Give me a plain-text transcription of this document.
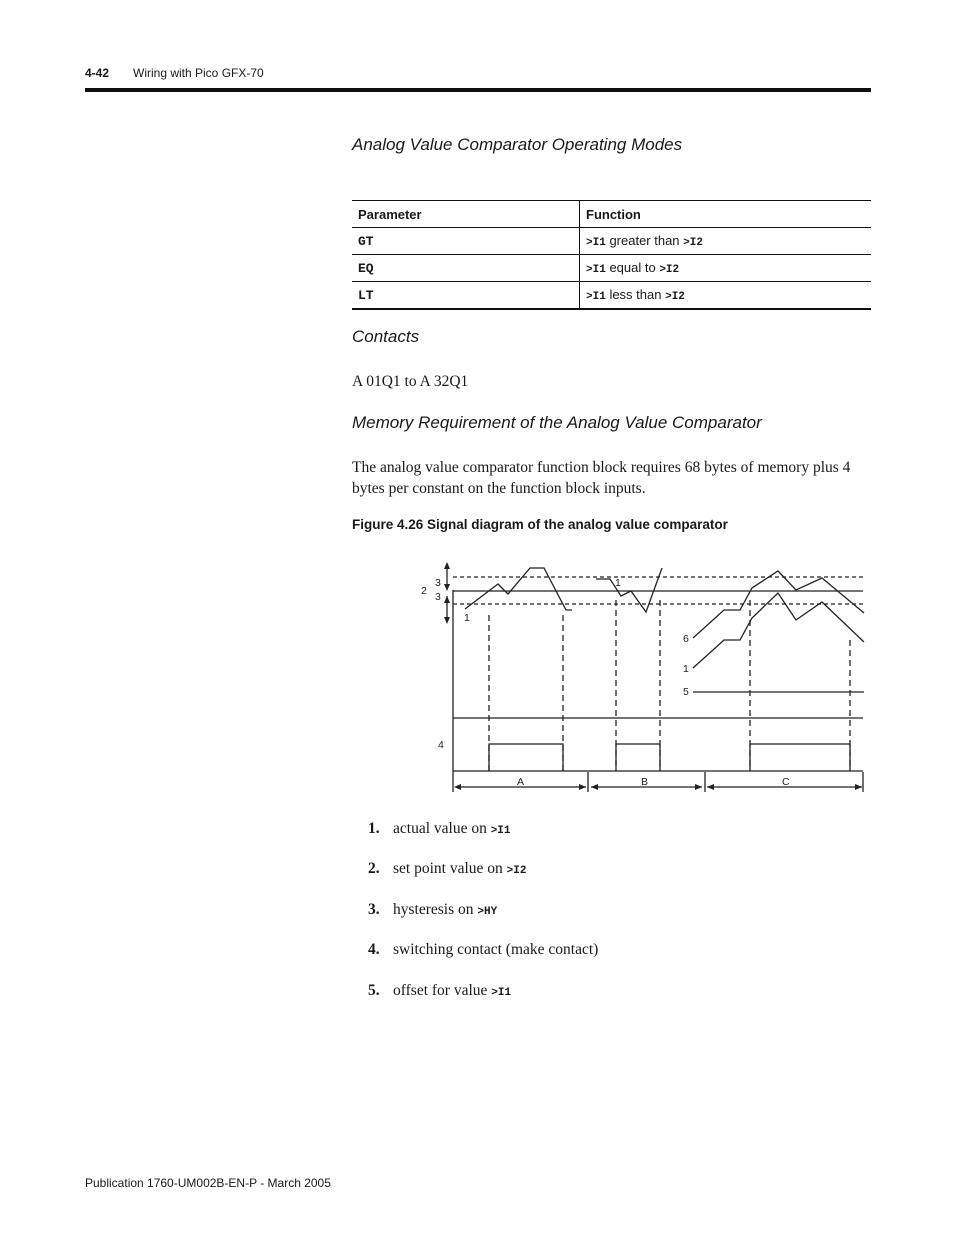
4-42 Wiring with Pico GFX-70
Analog Value Comparator Operating Modes
Parameter	Function
GT	>I1 greater than >I2
EQ	>I1 equal to >I2
LT	>I1 less than >I2
Contacts
A 01Q1 to A 32Q1
Memory Requirement of the Analog Value Comparator
The analog value comparator function block requires 68 bytes of memory plus 4 bytes per constant on the function block inputs.
Figure 4.26 Signal diagram of the analog value comparator
3
3
2
1
1
6
1
5
4
A	B	C
1. actual value on >I1
2. set point value on >I2
3. hysteresis on >HY
4. switching contact (make contact)
5. offset for value >I1
Publication 1760-UM002B-EN-P - March 2005
